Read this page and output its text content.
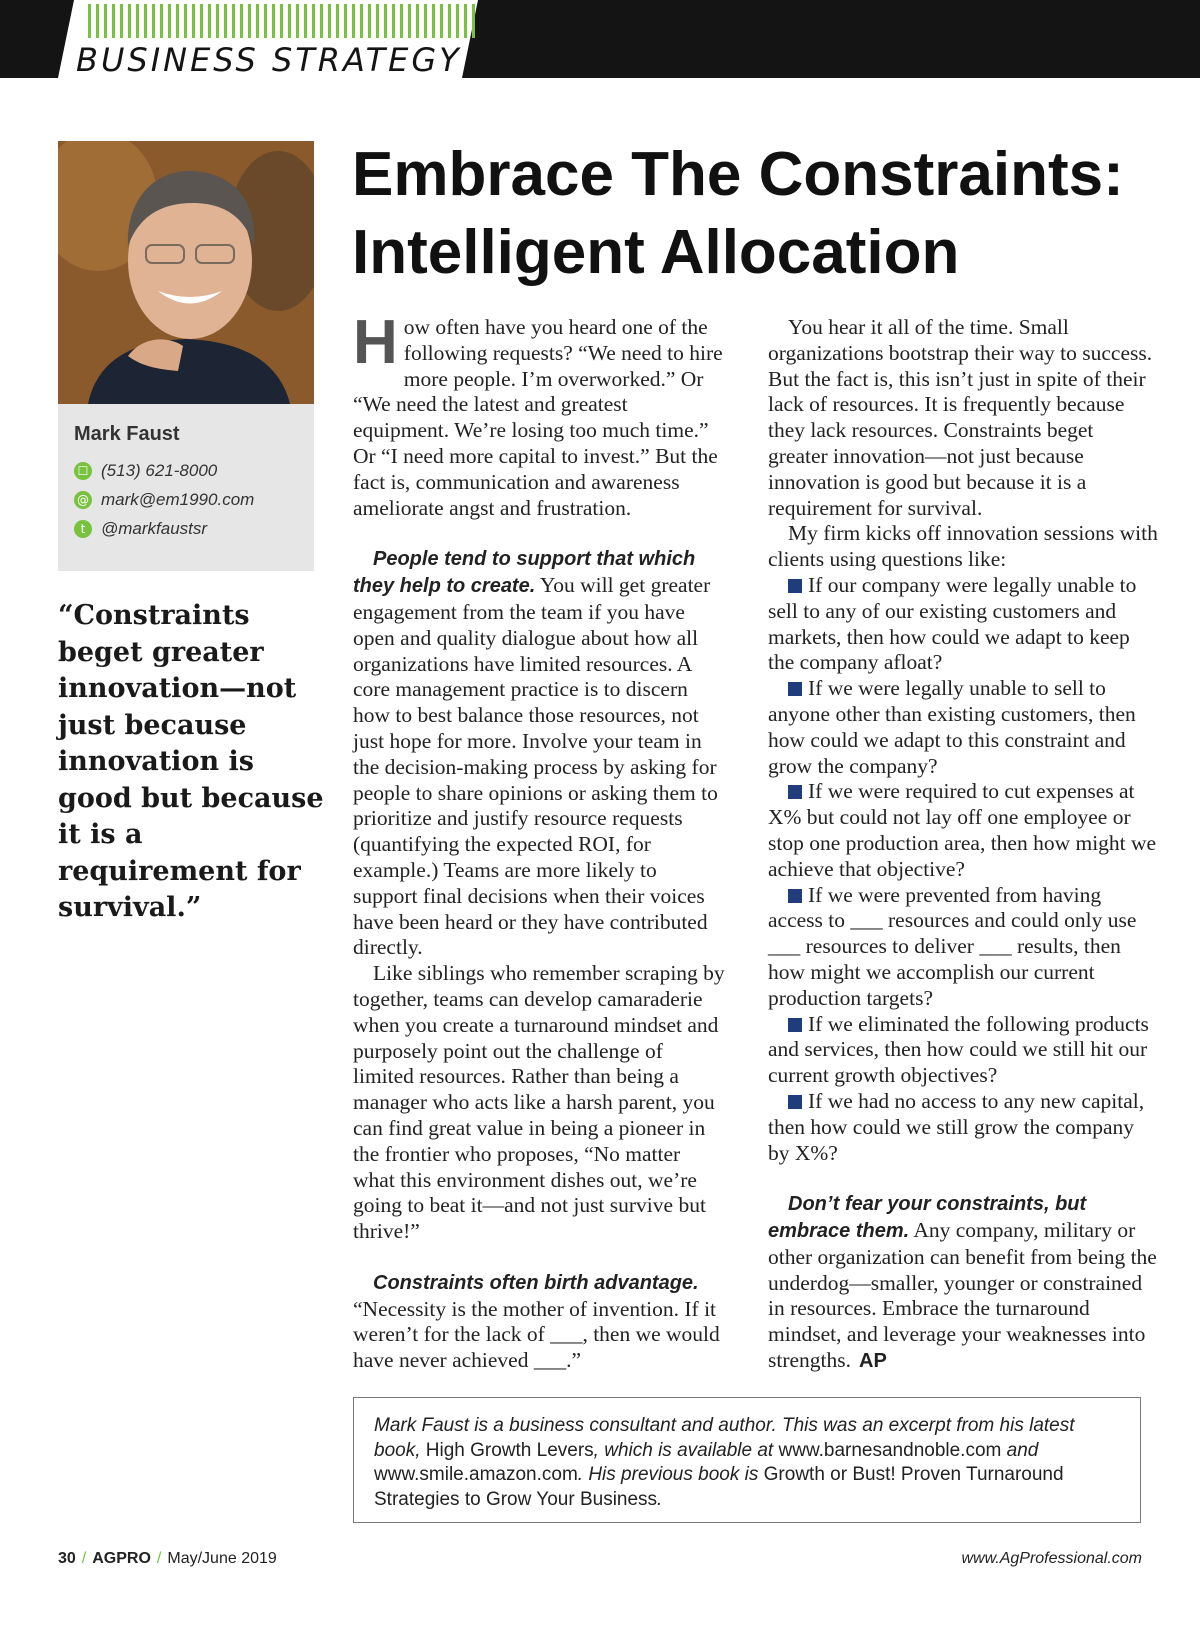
BUSINESS STRATEGY
Embrace The Constraints: Intelligent Allocation
Mark Faust
☐ (513) 621-8000
@ mark@em1990.com
t @markfaustsr

“Constraints beget greater innovation—not just because innovation is good but because it is a requirement for survival.”

How often have you heard one of the following requests? “We need to hire more people. I’m overworked.” Or “We need the latest and greatest equipment. We’re losing too much time.” Or “I need more capital to invest.” But the fact is, communication and awareness ameliorate angst and frustration.

People tend to support that which they help to create. You will get greater engagement from the team if you have open and quality dialogue about how all organizations have limited resources. A core management practice is to discern how to best balance those resources, not just hope for more. Involve your team in the decision-making process by asking for people to share opinions or asking them to prioritize and justify resource requests (quantifying the expected ROI, for example.) Teams are more likely to support final decisions when their voices have been heard or they have contributed directly.

Like siblings who remember scraping by together, teams can develop camaraderie when you create a turnaround mindset and purposely point out the challenge of limited resources. Rather than being a manager who acts like a harsh parent, you can find great value in being a pioneer in the frontier who proposes, “No matter what this environment dishes out, we’re going to beat it—and not just survive but thrive!”

Constraints often birth advantage.
“Necessity is the mother of invention. If it weren’t for the lack of ___, then we would have never achieved ___.”

You hear it all of the time. Small organizations bootstrap their way to success. But the fact is, this isn’t just in spite of their lack of resources. It is frequently because they lack resources. Constraints beget greater innovation—not just because innovation is good but because it is a requirement for survival.

My firm kicks off innovation sessions with clients using questions like:

If our company were legally unable to sell to any of our existing customers and markets, then how could we adapt to keep the company afloat?

If we were legally unable to sell to anyone other than existing customers, then how could we adapt to this constraint and grow the company?

If we were required to cut expenses at X% but could not lay off one employee or stop one production area, then how might we achieve that objective?

If we were prevented from having access to ___ resources and could only use ___ resources to deliver ___ results, then how might we accomplish our current production targets?

If we eliminated the following products and services, then how could we still hit our current growth objectives?

If we had no access to any new capital, then how could we still grow the company by X%?

Don’t fear your constraints, but embrace them. Any company, military or other organization can benefit from being the underdog—smaller, younger or constrained in resources. Embrace the turnaround mindset, and leverage your weaknesses into strengths. AP

Mark Faust is a business consultant and author. This was an excerpt from his latest book, High Growth Levers, which is available at www.barnesandnoble.com and www.smile.amazon.com. His previous book is Growth or Bust! Proven Turnaround Strategies to Grow Your Business.
30 / AGPRO / May/June 2019	www.AgProfessional.com
